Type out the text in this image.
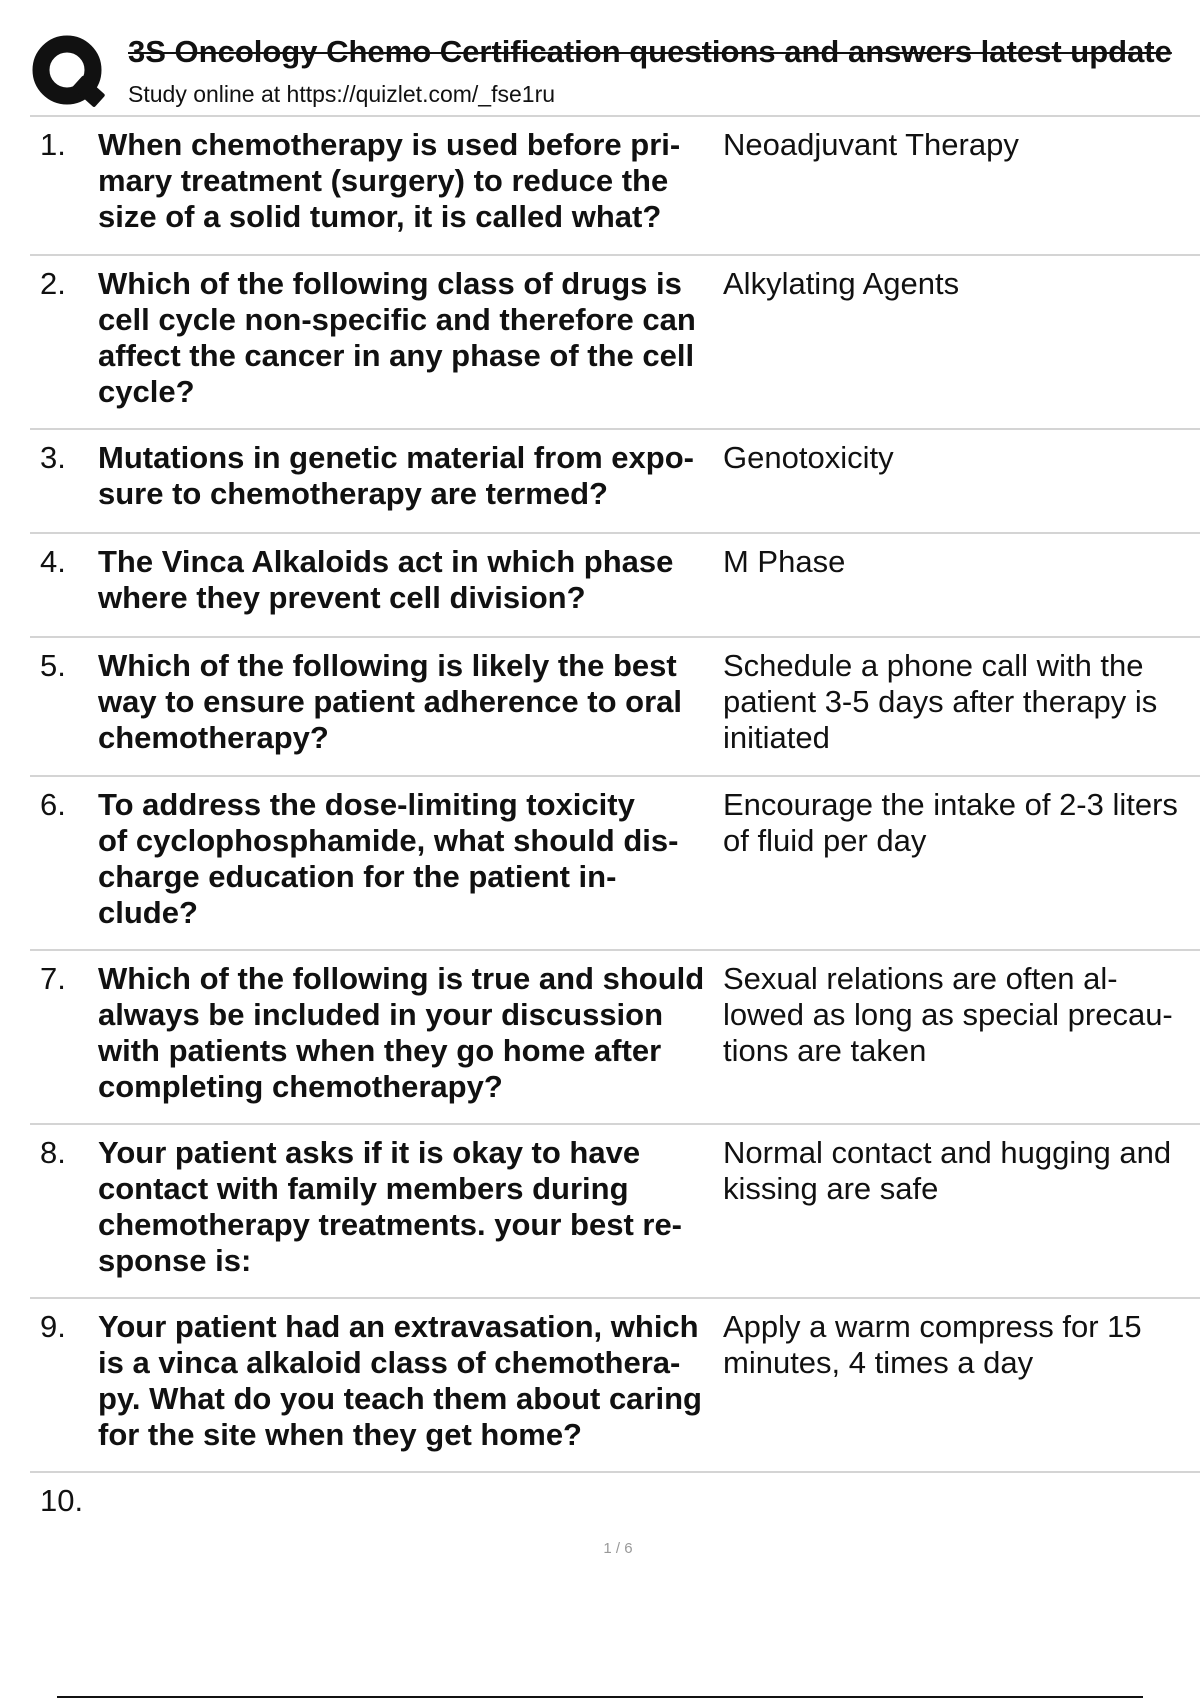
3S Oncology Chemo Certification questions and answers latest update
Study online at https://quizlet.com/_fse1ru
1. When chemotherapy is used before pri-
mary treatment (surgery) to reduce the
size of a solid tumor, it is called what?
Neoadjuvant Therapy
2. Which of the following class of drugs is
cell cycle non-specific and therefore can
affect the cancer in any phase of the cell
cycle?
Alkylating Agents
3. Mutations in genetic material from expo-
sure to chemotherapy are termed?
Genotoxicity
4. The Vinca Alkaloids act in which phase
where they prevent cell division?
M Phase
5. Which of the following is likely the best
way to ensure patient adherence to oral
chemotherapy?
Schedule a phone call with the
patient 3-5 days after therapy is
initiated
6. To address the dose-limiting toxicity
of cyclophosphamide, what should dis-
charge education for the patient in-
clude?
Encourage the intake of 2-3 liters
of fluid per day
7. Which of the following is true and should
always be included in your discussion
with patients when they go home after
completing chemotherapy?
Sexual relations are often al-
lowed as long as special precau-
tions are taken
8. Your patient asks if it is okay to have
contact with family members during
chemotherapy treatments. your best re-
sponse is:
Normal contact and hugging and
kissing are safe
9. Your patient had an extravasation, which
is a vinca alkaloid class of chemothera-
py. What do you teach them about caring
for the site when they get home?
Apply a warm compress for 15
minutes, 4 times a day
10.
1 / 6
